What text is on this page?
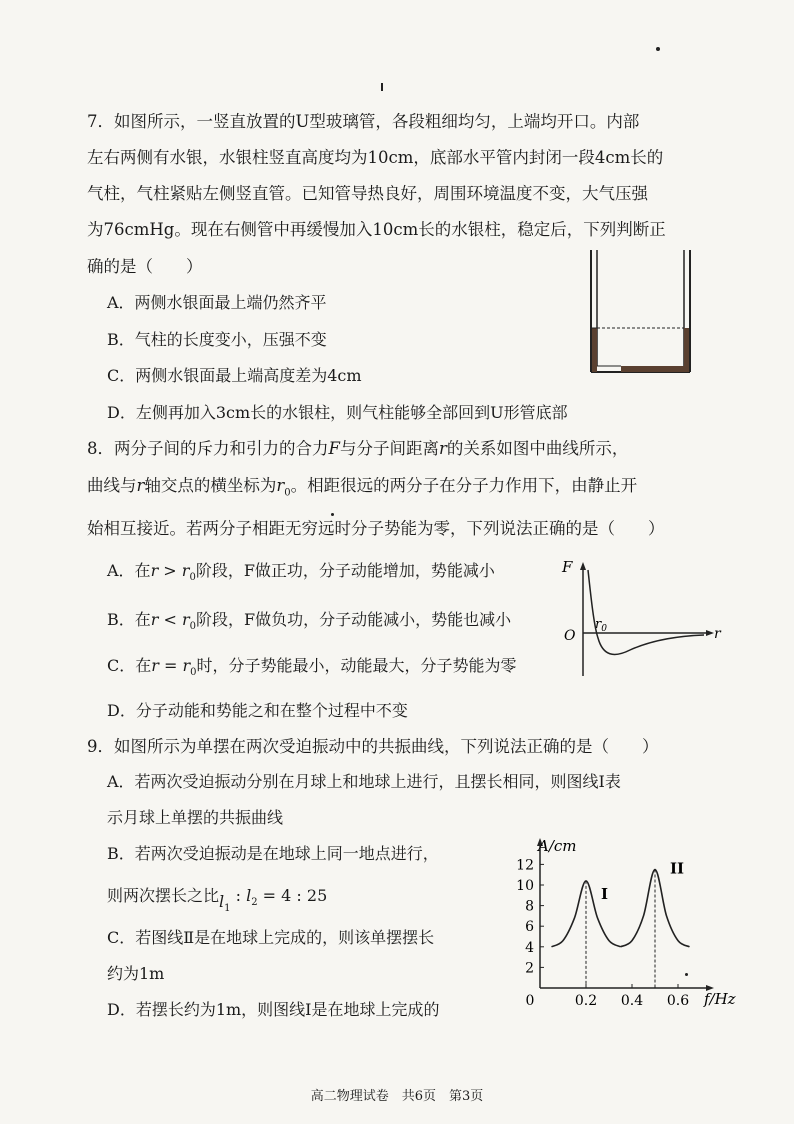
7．如图所示，一竖直放置的U型玻璃管，各段粗细均匀，上端均开口。内部
左右两侧有水银，水银柱竖直高度均为10cm，底部水平管内封闭一段4cm长的
气柱，气柱紧贴左侧竖直管。已知管导热良好，周围环境温度不变，大气压强
为76cmHg。现在右侧管中再缓慢加入10cm长的水银柱，稳定后，下列判断正
确的是（　　）
A．两侧水银面最上端仍然齐平
B．气柱的长度变小，压强不变
C．两侧水银面最上端高度差为4cm
D．左侧再加入3cm长的水银柱，则气柱能够全部回到U形管底部
8．两分子间的斥力和引力的合力F与分子间距离r的关系如图中曲线所示，
曲线与r轴交点的横坐标为$r_0$。相距很远的两分子在分子力作用下，由静止开
始相互接近。若两分子相距无穷远时分子势能为零，下列说法正确的是（　　）
A．在$r > r_0$阶段，F做正功，分子动能增加，势能减小
B．在$r < r_0$阶段，F做负功，分子动能减小，势能也减小
C．在$r = r_0$时，分子势能最小，动能最大，分子势能为零
D．分子动能和势能之和在整个过程中不变
F
O	r
$r_0$
9．如图所示为单摆在两次受迫振动中的共振曲线，下列说法正确的是（　　）
A．若两次受迫振动分别在月球上和地球上进行，且摆长相同，则图线Ⅰ表
示月球上单摆的共振曲线
B．若两次受迫振动是在地球上同一地点进行，
则两次摆长之比$l_1$ : $l_2 = 4$ : 25
C．若图线Ⅱ是在地球上完成的，则该单摆摆长
约为1m
D．若摆长约为1m，则图线Ⅰ是在地球上完成的
2
4
6
8
10
12
0	0.2 0.4 0.6
I
II
A/cm
f/Hz
高二物理试卷　共6页　第3页
